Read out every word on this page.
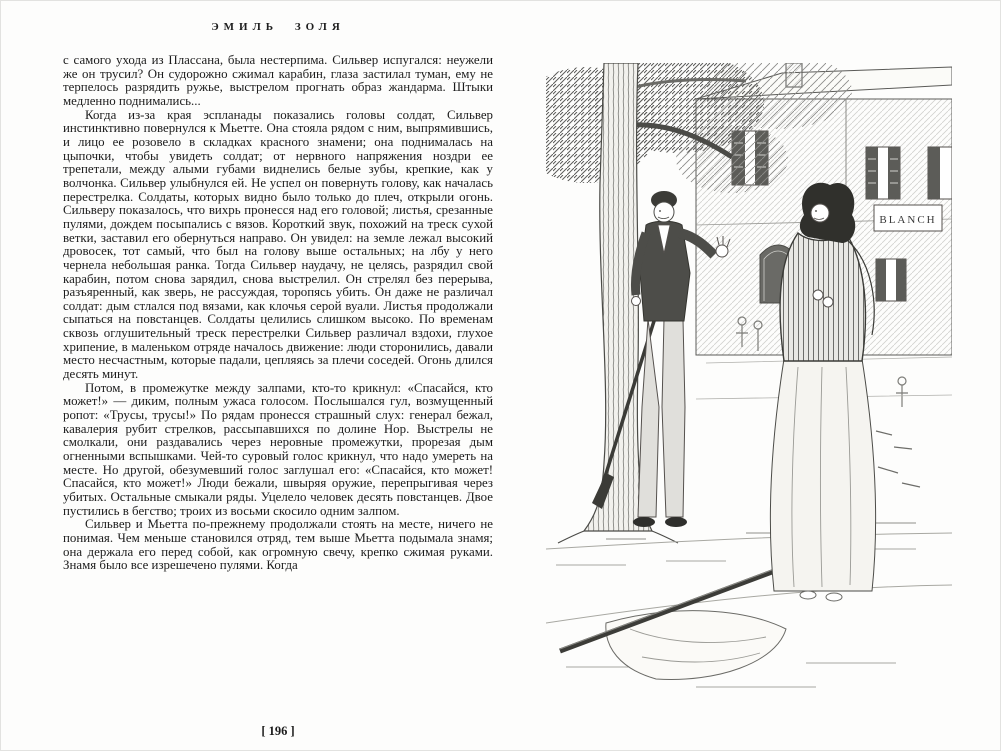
ЭМИЛЬ ЗОЛЯ

с самого ухода из Плассана, была нестерпима. Сильвер испугался: неужели же он трусил? Он судорожно сжимал карабин, глаза застилал туман, ему не терпелось разрядить ружье, выстрелом прогнать образ жандарма. Штыки медленно поднимались...

Когда из-за края эспланады показались головы солдат, Сильвер инстинктивно повернулся к Мьетте. Она стояла рядом с ним, выпрямившись, и лицо ее розовело в складках красного знамени; она поднималась на цыпочки, чтобы увидеть солдат; от нервного напряжения ноздри ее трепетали, между алыми губами виднелись белые зубы, крепкие, как у волчонка. Сильвер улыбнулся ей. Не успел он повернуть голову, как началась перестрелка. Солдаты, которых видно было только до плеч, открыли огонь. Сильверу показалось, что вихрь пронесся над его головой; листья, срезанные пулями, дождем посыпались с вязов. Короткий звук, похожий на треск сухой ветки, заставил его обернуться направо. Он увидел: на земле лежал высокий дровосек, тот самый, что был на голову выше остальных; на лбу у него чернела небольшая ранка. Тогда Сильвер наудачу, не целясь, разрядил свой карабин, потом снова зарядил, снова выстрелил. Он стрелял без перерыва, разъяренный, как зверь, не рассуждая, торопясь убить. Он даже не различал солдат: дым стлался под вязами, как клочья серой вуали. Листья продолжали сыпаться на повстанцев. Солдаты целились слишком высоко. По временам сквозь оглушительный треск перестрелки Сильвер различал вздохи, глухое хрипение, в маленьком отряде началось движение: люди сторонились, давали место несчастным, которые падали, цепляясь за плечи соседей. Огонь длился десять минут.

Потом, в промежутке между залпами, кто-то крикнул: «Спасайся, кто может!» — диким, полным ужаса голосом. Послышался гул, возмущенный ропот: «Трусы, трусы!» По рядам пронесся страшный слух: генерал бежал, кавалерия рубит стрелков, рассыпавшихся по долине Нор. Выстрелы не смолкали, они раздавались через неровные промежутки, прорезая дым огненными вспышками. Чей-то суровый голос крикнул, что надо умереть на месте. Но другой, обезумевший голос заглушал его: «Спасайся, кто может! Спасайся, кто может!» Люди бежали, швыряя оружие, перепрыгивая через убитых. Остальные смыкали ряды. Уцелело человек десять повстанцев. Двое пустились в бегство; троих из восьми скосило одним залпом.

Сильвер и Мьетта по-прежнему продолжали стоять на месте, ничего не понимая. Чем меньше становился отряд, тем выше Мьетта подымала знамя; она держала его перед собой, как огромную свечу, крепко сжимая руками. Знамя было все изрешечено пулями. Когда

[ 196 ]
BLANCH
